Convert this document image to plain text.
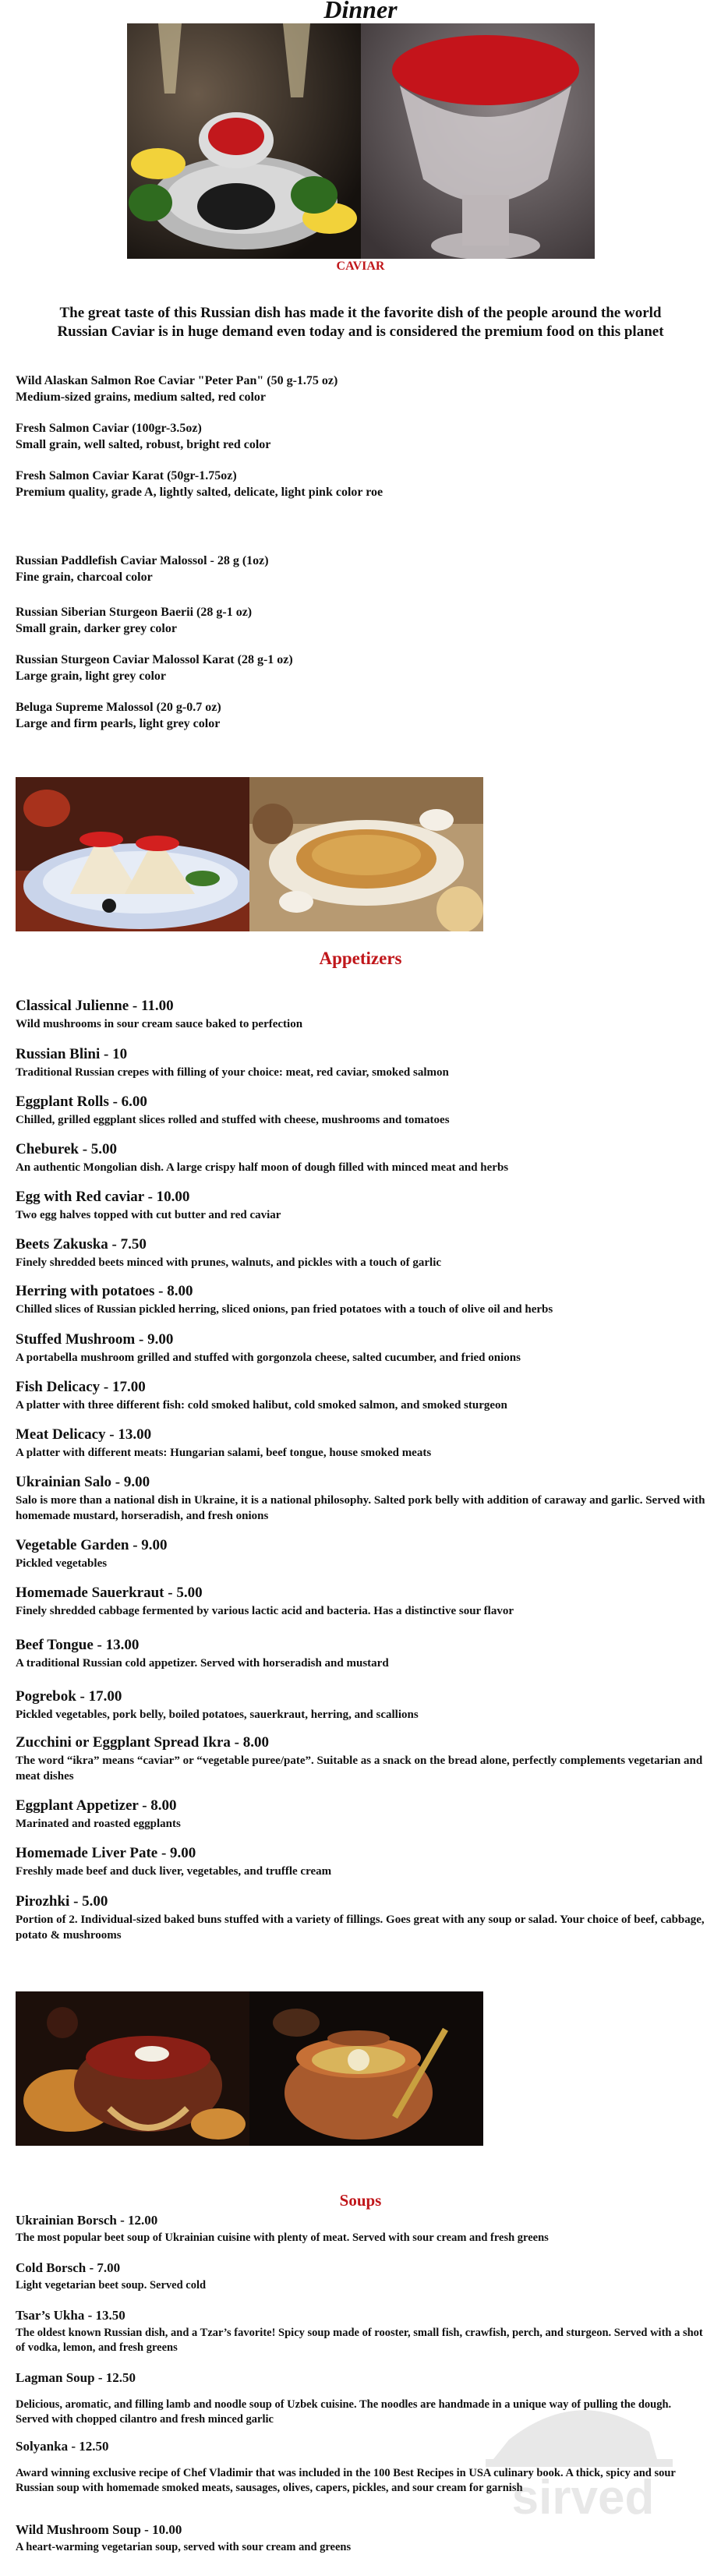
Dinner
CAVIAR
The great taste of this Russian dish has made it the favorite dish of the people around the world
Russian Caviar is in huge demand even today and is considered the premium food on this planet
Wild Alaskan Salmon Roe Caviar "Peter Pan" (50 g-1.75 oz)
Medium-sized grains, medium salted, red color
Fresh Salmon Caviar (100gr-3.5oz)
Small grain, well salted, robust, bright red color
Fresh Salmon Caviar Karat (50gr-1.75oz)
Premium quality, grade A, lightly salted, delicate, light pink color roe
Russian Paddlefish Caviar Malossol - 28 g (1oz)
Fine grain, charcoal color
Russian Siberian Sturgeon Baerii (28 g-1 oz)
Small grain, darker grey color
Russian Sturgeon Caviar Malossol Karat (28 g-1 oz)
Large grain, light grey color
Beluga Supreme Malossol (20 g-0.7 oz)
Large and firm pearls, light grey color
Appetizers
Classical Julienne - 11.00
Wild mushrooms in sour cream sauce baked to perfection
Russian Blini - 10
Traditional Russian crepes with filling of your choice: meat, red caviar, smoked salmon
Eggplant Rolls - 6.00
Chilled, grilled eggplant slices rolled and stuffed with cheese, mushrooms and tomatoes
Cheburek - 5.00
An authentic Mongolian dish. A large crispy half moon of dough filled with minced meat and herbs
Egg with Red caviar - 10.00
Two egg halves topped with cut butter and red caviar
Beets Zakuska - 7.50
Finely shredded beets minced with prunes, walnuts, and pickles with a touch of garlic
Herring with potatoes - 8.00
Chilled slices of Russian pickled herring, sliced onions, pan fried potatoes with a touch of olive oil and herbs
Stuffed Mushroom - 9.00
A portabella mushroom grilled and stuffed with gorgonzola cheese, salted cucumber, and fried onions
Fish Delicacy - 17.00
A platter with three different fish: cold smoked halibut, cold smoked salmon, and smoked sturgeon
Meat Delicacy - 13.00
A platter with different meats: Hungarian salami, beef tongue, house smoked meats
Ukrainian Salo - 9.00
Salo is more than a national dish in Ukraine, it is a national philosophy. Salted pork belly with addition of caraway and garlic. Served with homemade mustard, horseradish, and fresh onions
Vegetable Garden - 9.00
Pickled vegetables
Homemade Sauerkraut - 5.00
Finely shredded cabbage fermented by various lactic acid and bacteria. Has a distinctive sour flavor
Beef Tongue - 13.00
A traditional Russian cold appetizer. Served with horseradish and mustard
Pogrebok - 17.00
Pickled vegetables, pork belly, boiled potatoes, sauerkraut, herring, and scallions
Zucchini or Eggplant Spread Ikra - 8.00
The word “ikra” means “caviar” or “vegetable puree/pate”. Suitable as a snack on the bread alone, perfectly complements vegetarian and meat dishes
Eggplant Appetizer - 8.00
Marinated and roasted eggplants
Homemade Liver Pate - 9.00
Freshly made beef and duck liver, vegetables, and truffle cream
Pirozhki - 5.00
Portion of 2. Individual-sized baked buns stuffed with a variety of fillings. Goes great with any soup or salad. Your choice of beef, cabbage, potato & mushrooms
Soups
Ukrainian Borsch - 12.00
The most popular beet soup of Ukrainian cuisine with plenty of meat. Served with sour cream and fresh greens
Cold Borsch - 7.00
Light vegetarian beet soup. Served cold
Tsar’s Ukha - 13.50
The oldest known Russian dish, and a Tzar’s favorite! Spicy soup made of rooster, small fish, crawfish, perch, and sturgeon. Served with a shot of vodka, lemon, and fresh greens
Lagman Soup - 12.50
Delicious, aromatic, and filling lamb and noodle soup of Uzbek cuisine. The noodles are handmade in a unique way of pulling the dough. Served with chopped cilantro and fresh minced garlic
Solyanka - 12.50
Award winning exclusive recipe of Chef Vladimir that was included in the 100 Best Recipes in USA culinary book. A thick, spicy and sour Russian soup with homemade smoked meats, sausages, olives, capers, pickles, and sour cream for garnish
Wild Mushroom Soup - 10.00
A heart-warming vegetarian soup, served with sour cream and greens
sirved
